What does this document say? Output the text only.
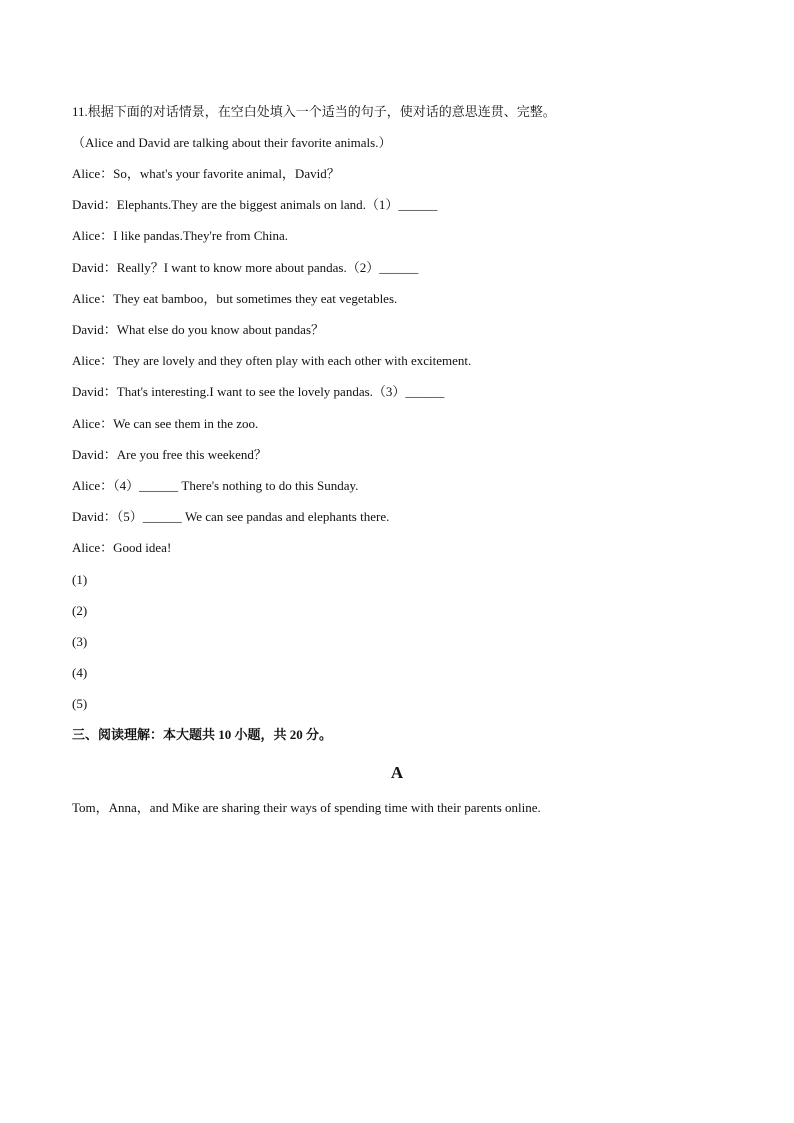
11.根据下面的对话情景，在空白处填入一个适当的句子，使对话的意思连贯、完整。
（Alice and David are talking about their favorite animals.）
Alice：So，what's your favorite animal，David？
David：Elephants.They are the biggest animals on land.（1）______
Alice：I like pandas.They're from China.
David：Really？I want to know more about pandas.（2）______
Alice：They eat bamboo，but sometimes they eat vegetables.
David：What else do you know about pandas？
Alice：They are lovely and they often play with each other with excitement.
David：That's interesting.I want to see the lovely pandas.（3）______
Alice：We can see them in the zoo.
David：Are you free this weekend？
Alice：（4）______ There's nothing to do this Sunday.
David：（5）______ We can see pandas and elephants there.
Alice：Good idea!
(1)
(2)
(3)
(4)
(5)
三、阅读理解：本大题共 10 小题，共 20 分。
A
Tom，Anna，and Mike are sharing their ways of spending time with their parents online.
